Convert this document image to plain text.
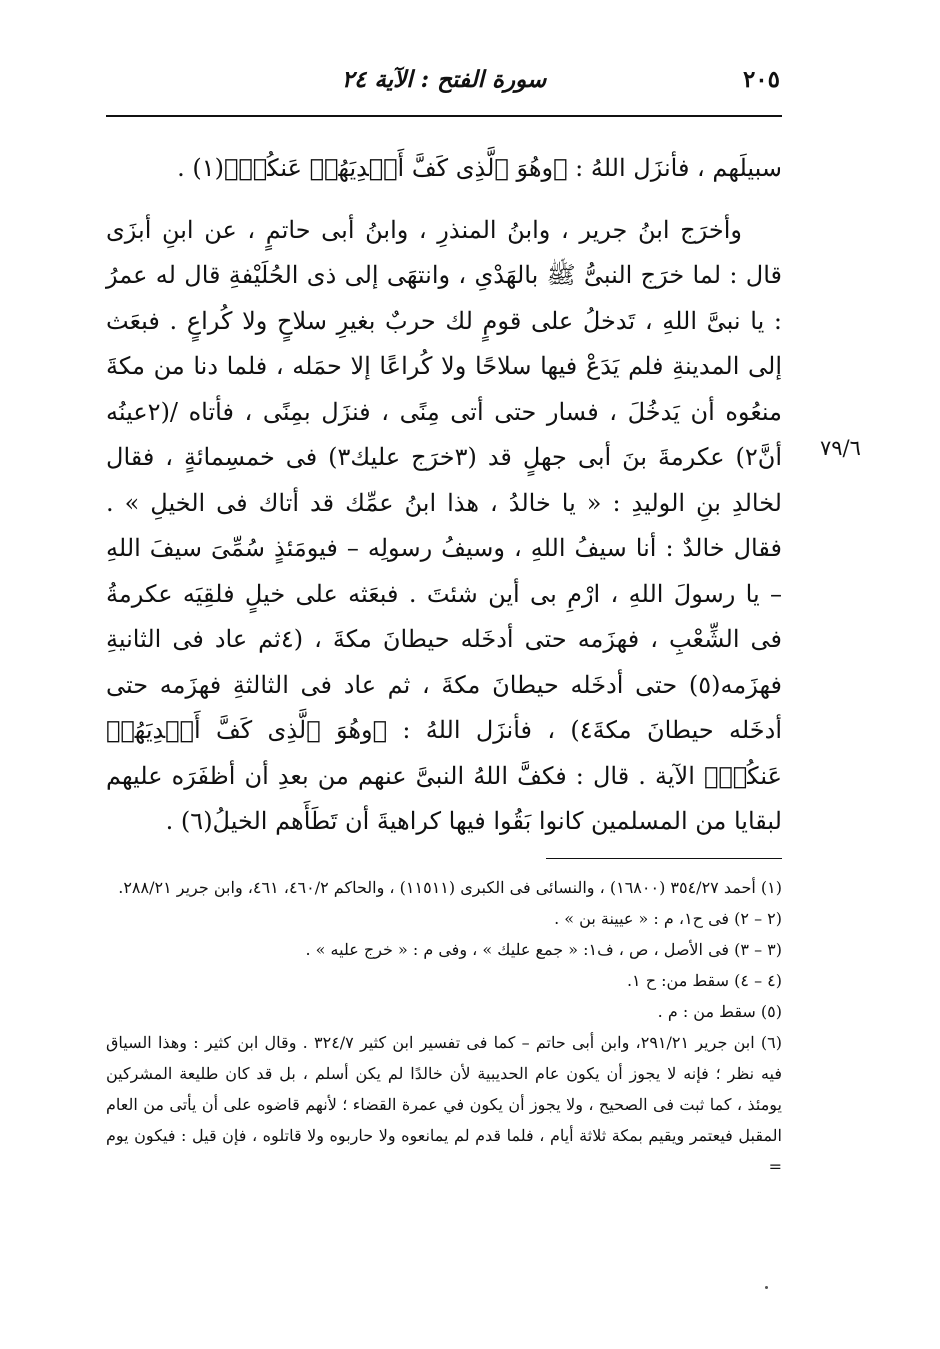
٢٠٥
سورة الفتح : الآية ٢٤

سبيلَهم ، فأنزَل اللهُ : ﴿وهُوَ ٱلَّذِى كَفَّ أَيۡدِيَهُمۡ عَنكُمۡ﴾(١) .

وأخرَج ابنُ جرير ، وابنُ المنذرِ ، وابنُ أبى حاتمٍ ، عن ابنِ أبزَى قال : لما خرَج النبىُّ ﷺ بالهَدْىِ ، وانتهَى إلى ذى الحُلَيْفةِ قال له عمرُ : يا نبىَّ اللهِ ، تَدخلُ على قومٍ لك حربٌ بغيرِ سلاحٍ ولا كُراعٍ . فبعَث إلى المدينةِ فلم يَدَعْ فيها سلاحًا ولا كُراعًا إلا حمَله ، فلما دنا من مكةَ منعُوه أن يَدخُلَ ، فسار حتى أتى مِنًى ، فنزَل بمِنًى ، فأتاه /(٢عينُه أنَّ٢) عكرمةَ بنَ أبى جهلٍ قد (٣خرَج عليك٣) فى خمسِمائةٍ ، فقال لخالدِ بنِ الوليدِ : « يا خالدُ ، هذا ابنُ عمِّك قد أتاك فى الخيلِ » . فقال خالدٌ : أنا سيفُ اللهِ ، وسيفُ رسولِه – فيومَئذٍ سُمِّىَ سيفَ اللهِ – يا رسولَ اللهِ ، ارْمِ بى أين شئتَ . فبعَثه على خيلٍ فلقِيَه عكرمةُ فى الشِّعْبِ ، فهزَمه حتى أدخَله حيطانَ مكةَ ، (٤ثم عاد فى الثانيةِ فهزَمه(٥) حتى أدخَله حيطانَ مكةَ ، ثم عاد فى الثالثةِ فهزَمه حتى أدخَله حيطانَ مكةَ٤) ، فأنزَل اللهُ : ﴿وهُوَ ٱلَّذِى كَفَّ أَيۡدِيَهُمۡ عَنكُمۡ﴾ الآية . قال : فكفَّ اللهُ النبىَّ عنهم من بعدِ أن أظفَرَه عليهم لبقايا من المسلمين كانوا بَقُوا فيها كراهيةَ أن تَطَأَهم الخيلُ(٦) .

٧٩/٦

(١) أحمد ٣٥٤/٢٧ (١٦٨٠٠) ، والنسائى فى الكبرى (١١٥١١) ، والحاكم ٤٦٠/٢، ٤٦١، وابن جرير ٢٨٨/٢١.

(٢ – ٢) فى ح١، م : « عيينة بن » .

(٣ – ٣) فى الأصل ، ص ، ف١: « جمع عليك » ، وفى م : « خرج عليه » .

(٤ – ٤) سقط من: ح ١.

(٥) سقط من : م .

(٦) ابن جرير ٢٩١/٢١، وابن أبى حاتم – كما فى تفسير ابن كثير ٣٢٤/٧ . وقال ابن كثير : وهذا السياق فيه نظر ؛ فإنه لا يجوز أن يكون عام الحديبية لأن خالدًا لم يكن أسلم ، بل قد كان طليعة المشركين يومئذ ، كما ثبت فى الصحيح ، ولا يجوز أن يكون في عمرة القضاء ؛ لأنهم قاضوه على أن يأتى من العام المقبل فيعتمر ويقيم بمكة ثلاثة أيام ، فلما قدم لم يمانعوه ولا حاربوه ولا قاتلوه ، فإن قيل : فيكون يوم =
